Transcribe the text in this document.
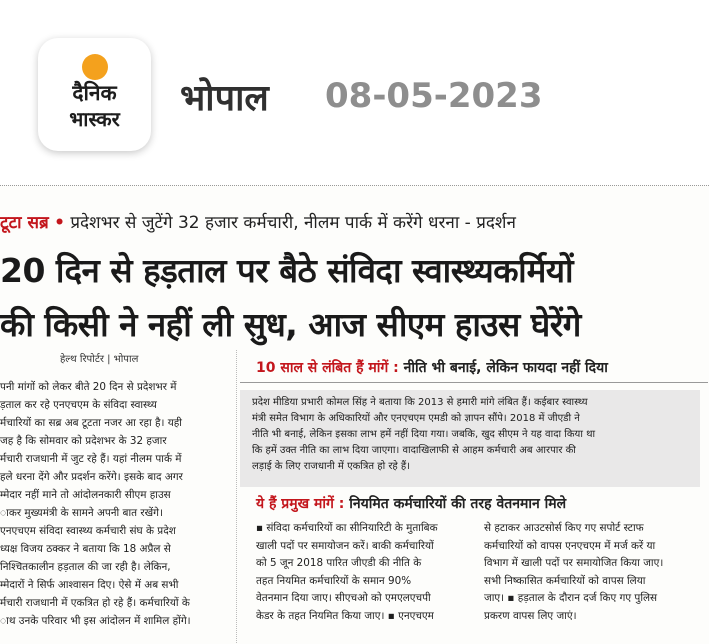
दैनिक
भास्कर	भोपाल 08-05-2023
टूटा सब्र • प्रदेशभर से जुटेंगे 32 हजार कर्मचारी, नीलम पार्क में करेंगे धरना - प्रदर्शन
20 दिन से हड़ताल पर बैठे संविदा स्वास्थ्यकर्मियों
की किसी ने नहीं ली सुध, आज सीएम हाउस घेरेंगे
हेल्थ रिपोर्टर | भोपाल

पनी मांगों को लेकर बीते 20 दिन से प्रदेशभर में

ड़ताल कर रहे एनएचएम के संविदा स्वास्थ्य

र्मचारियों का सब्र अब टूटता नजर आ रहा है। यही

जह है कि सोमवार को प्रदेशभर के 32 हजार

र्मचारी राजधानी में जुट रहे हैं। यहां नीलम पार्क में

हले धरना देंगे और प्रदर्शन करेंगे। इसके बाद अगर

म्मेदार नहीं माने तो आंदोलनकारी सीएम हाउस

ाकर मुख्यमंत्री के सामने अपनी बात रखेंगे।

एनएचएम संविदा स्वास्थ्य कर्मचारी संघ के प्रदेश

ध्यक्ष विजय ठक्कर ने बताया कि 18 अप्रैल से

निश्चितकालीन हड़ताल की जा रही है। लेकिन,

म्मेदारों ने सिर्फ आश्वासन दिए। ऐसे में अब सभी

र्मचारी राजधानी में एकत्रित हो रहे हैं। कर्मचारियों के

ाथ उनके परिवार भी इस आंदोलन में शामिल होंगे।

10 साल से लंबित हैं मांगें : नीति भी बनाई, लेकिन फायदा नहीं दिया

प्रदेश मीडिया प्रभारी कोमल सिंह ने बताया कि 2013 से हमारी मांगे लंबित हैं। कईबार स्वास्थ्य

मंत्री समेत विभाग के अधिकारियों और एनएचएम एमडी को ज्ञापन सौंपे। 2018 में जीएडी ने

नीति भी बनाई, लेकिन इसका लाभ हमें नहीं दिया गया। जबकि, खुद सीएम ने यह वादा किया था

कि हमें उक्त नीति का लाभ दिया जाएगा। वादाखिलाफी से आहम कर्मचारी अब आरपार की

लड़ाई के लिए राजधानी में एकत्रित हो रहे हैं।

ये हैं प्रमुख मांगें : नियमित कर्मचारियों की तरह वेतनमान मिले

▪ संविदा कर्मचारियों का सीनियारिटी के मुताबिक

खाली पदों पर समायोजन करें। बाकी कर्मचारियों

को 5 जून 2018 पारित जीएडी की नीति के

तहत नियमित कर्मचारियों के समान 90%

वेतनमान दिया जाए। सीएचओ को एमएलएचपी

केडर के तहत नियमित किया जाए। ▪ एनएचएम

से हटाकर आउटसोर्स किए गए सपोर्ट स्टाफ

कर्मचारियों को वापस एनएचएम में मर्ज करें या

विभाग में खाली पदों पर समायोजित किया जाए।

सभी निष्कासित कर्मचारियों को वापस लिया

जाए। ▪ हड़ताल के दौरान दर्ज किए गए पुलिस

प्रकरण वापस लिए जाएं।
